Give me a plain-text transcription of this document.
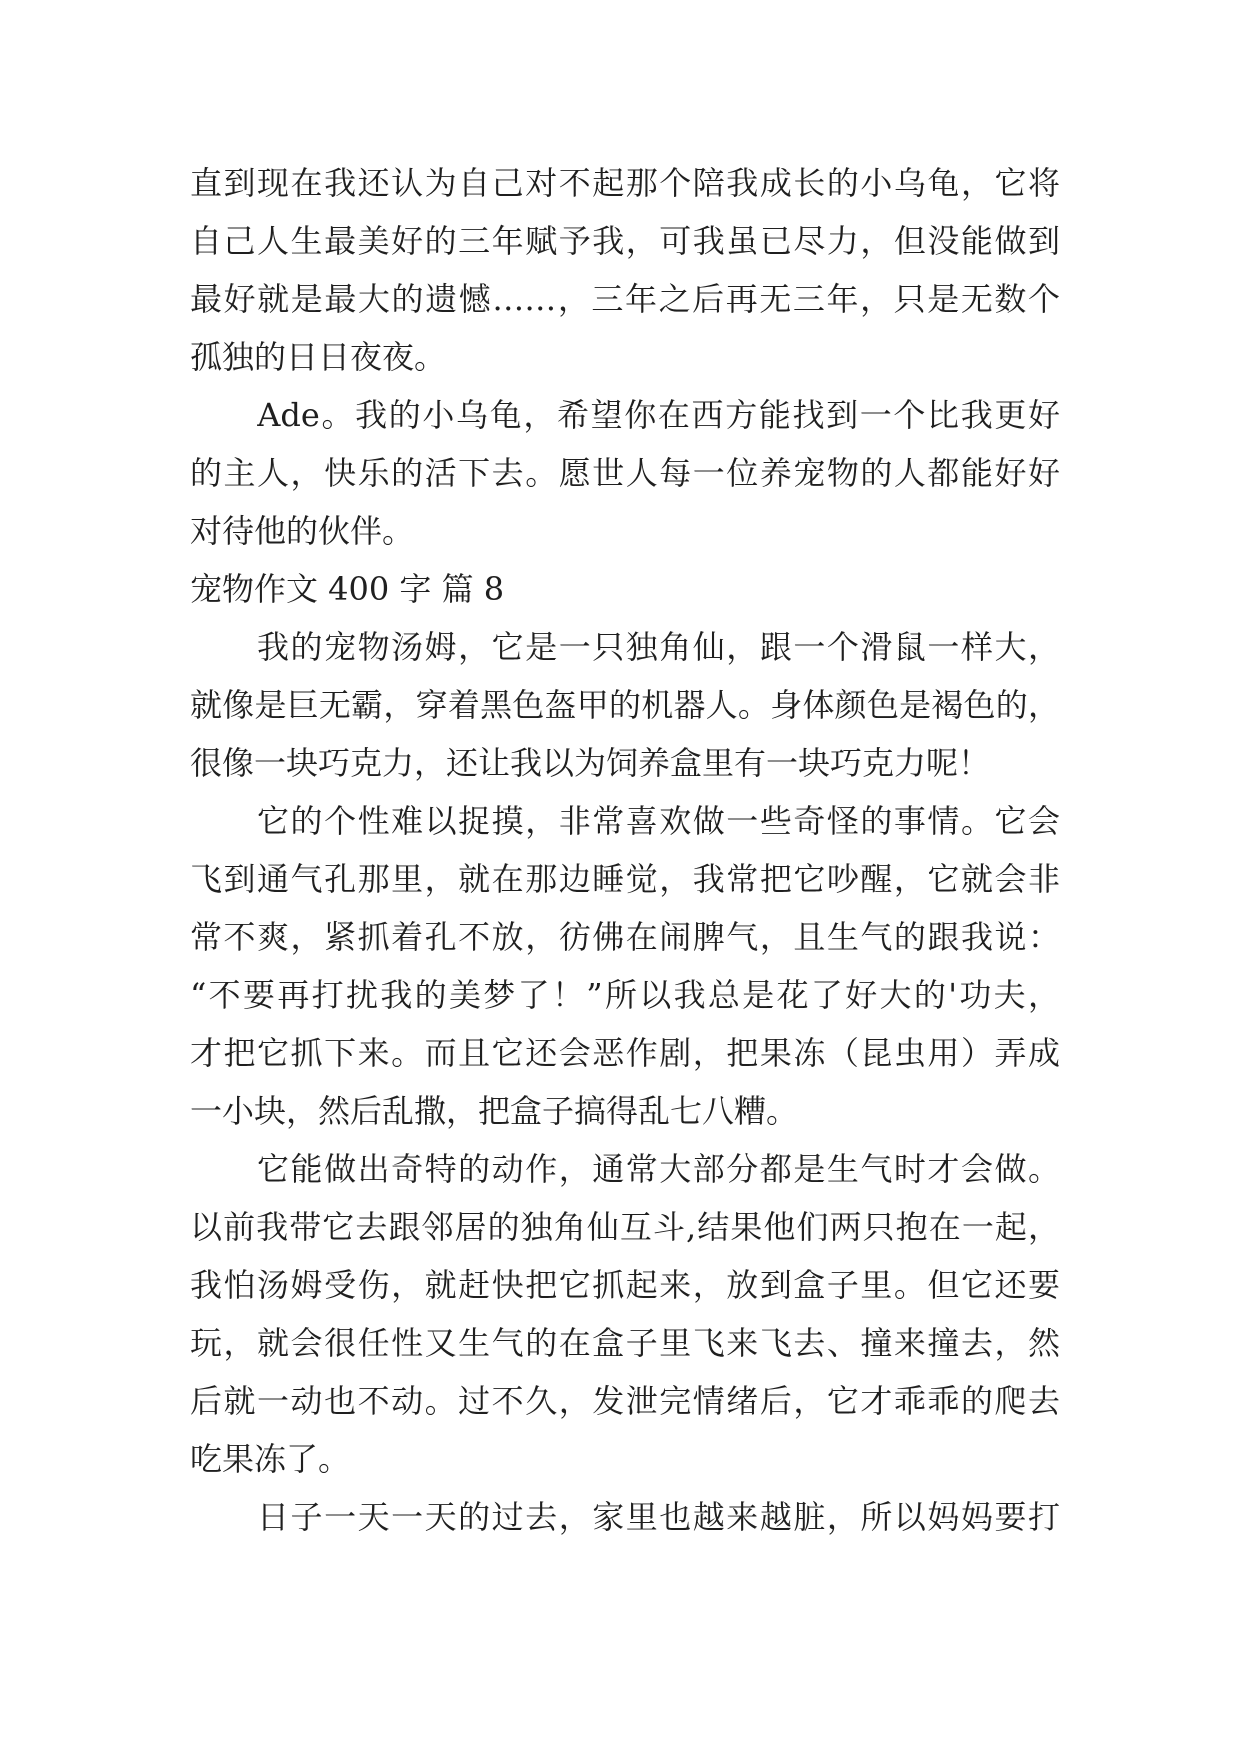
直到现在我还认为自己对不起那个陪我成长的小乌龟，它将
自己人生最美好的三年赋予我，可我虽已尽力，但没能做到
最好就是最大的遗憾……，三年之后再无三年，只是无数个
孤独的日日夜夜。
　　Ade。我的小乌龟，希望你在西方能找到一个比我更好
的主人，快乐的活下去。愿世人每一位养宠物的人都能好好
对待他的伙伴。
宠物作文 400 字 篇 8
　　我的宠物汤姆，它是一只独角仙，跟一个滑鼠一样大，
就像是巨无霸，穿着黑色盔甲的机器人。身体颜色是褐色的，
很像一块巧克力，还让我以为饲养盒里有一块巧克力呢！
　　它的个性难以捉摸，非常喜欢做一些奇怪的事情。它会
飞到通气孔那里，就在那边睡觉，我常把它吵醒，它就会非
常不爽，紧抓着孔不放，彷佛在闹脾气，且生气的跟我说：
“不要再打扰我的美梦了！”所以我总是花了好大的'功夫，
才把它抓下来。而且它还会恶作剧，把果冻（昆虫用）弄成
一小块，然后乱撒，把盒子搞得乱七八糟。
　　它能做出奇特的动作，通常大部分都是生气时才会做。
以前我带它去跟邻居的独角仙互斗,结果他们两只抱在一起，
我怕汤姆受伤，就赶快把它抓起来，放到盒子里。但它还要
玩，就会很任性又生气的在盒子里飞来飞去、撞来撞去，然
后就一动也不动。过不久，发泄完情绪后，它才乖乖的爬去
吃果冻了。
　　日子一天一天的过去，家里也越来越脏，所以妈妈要打
